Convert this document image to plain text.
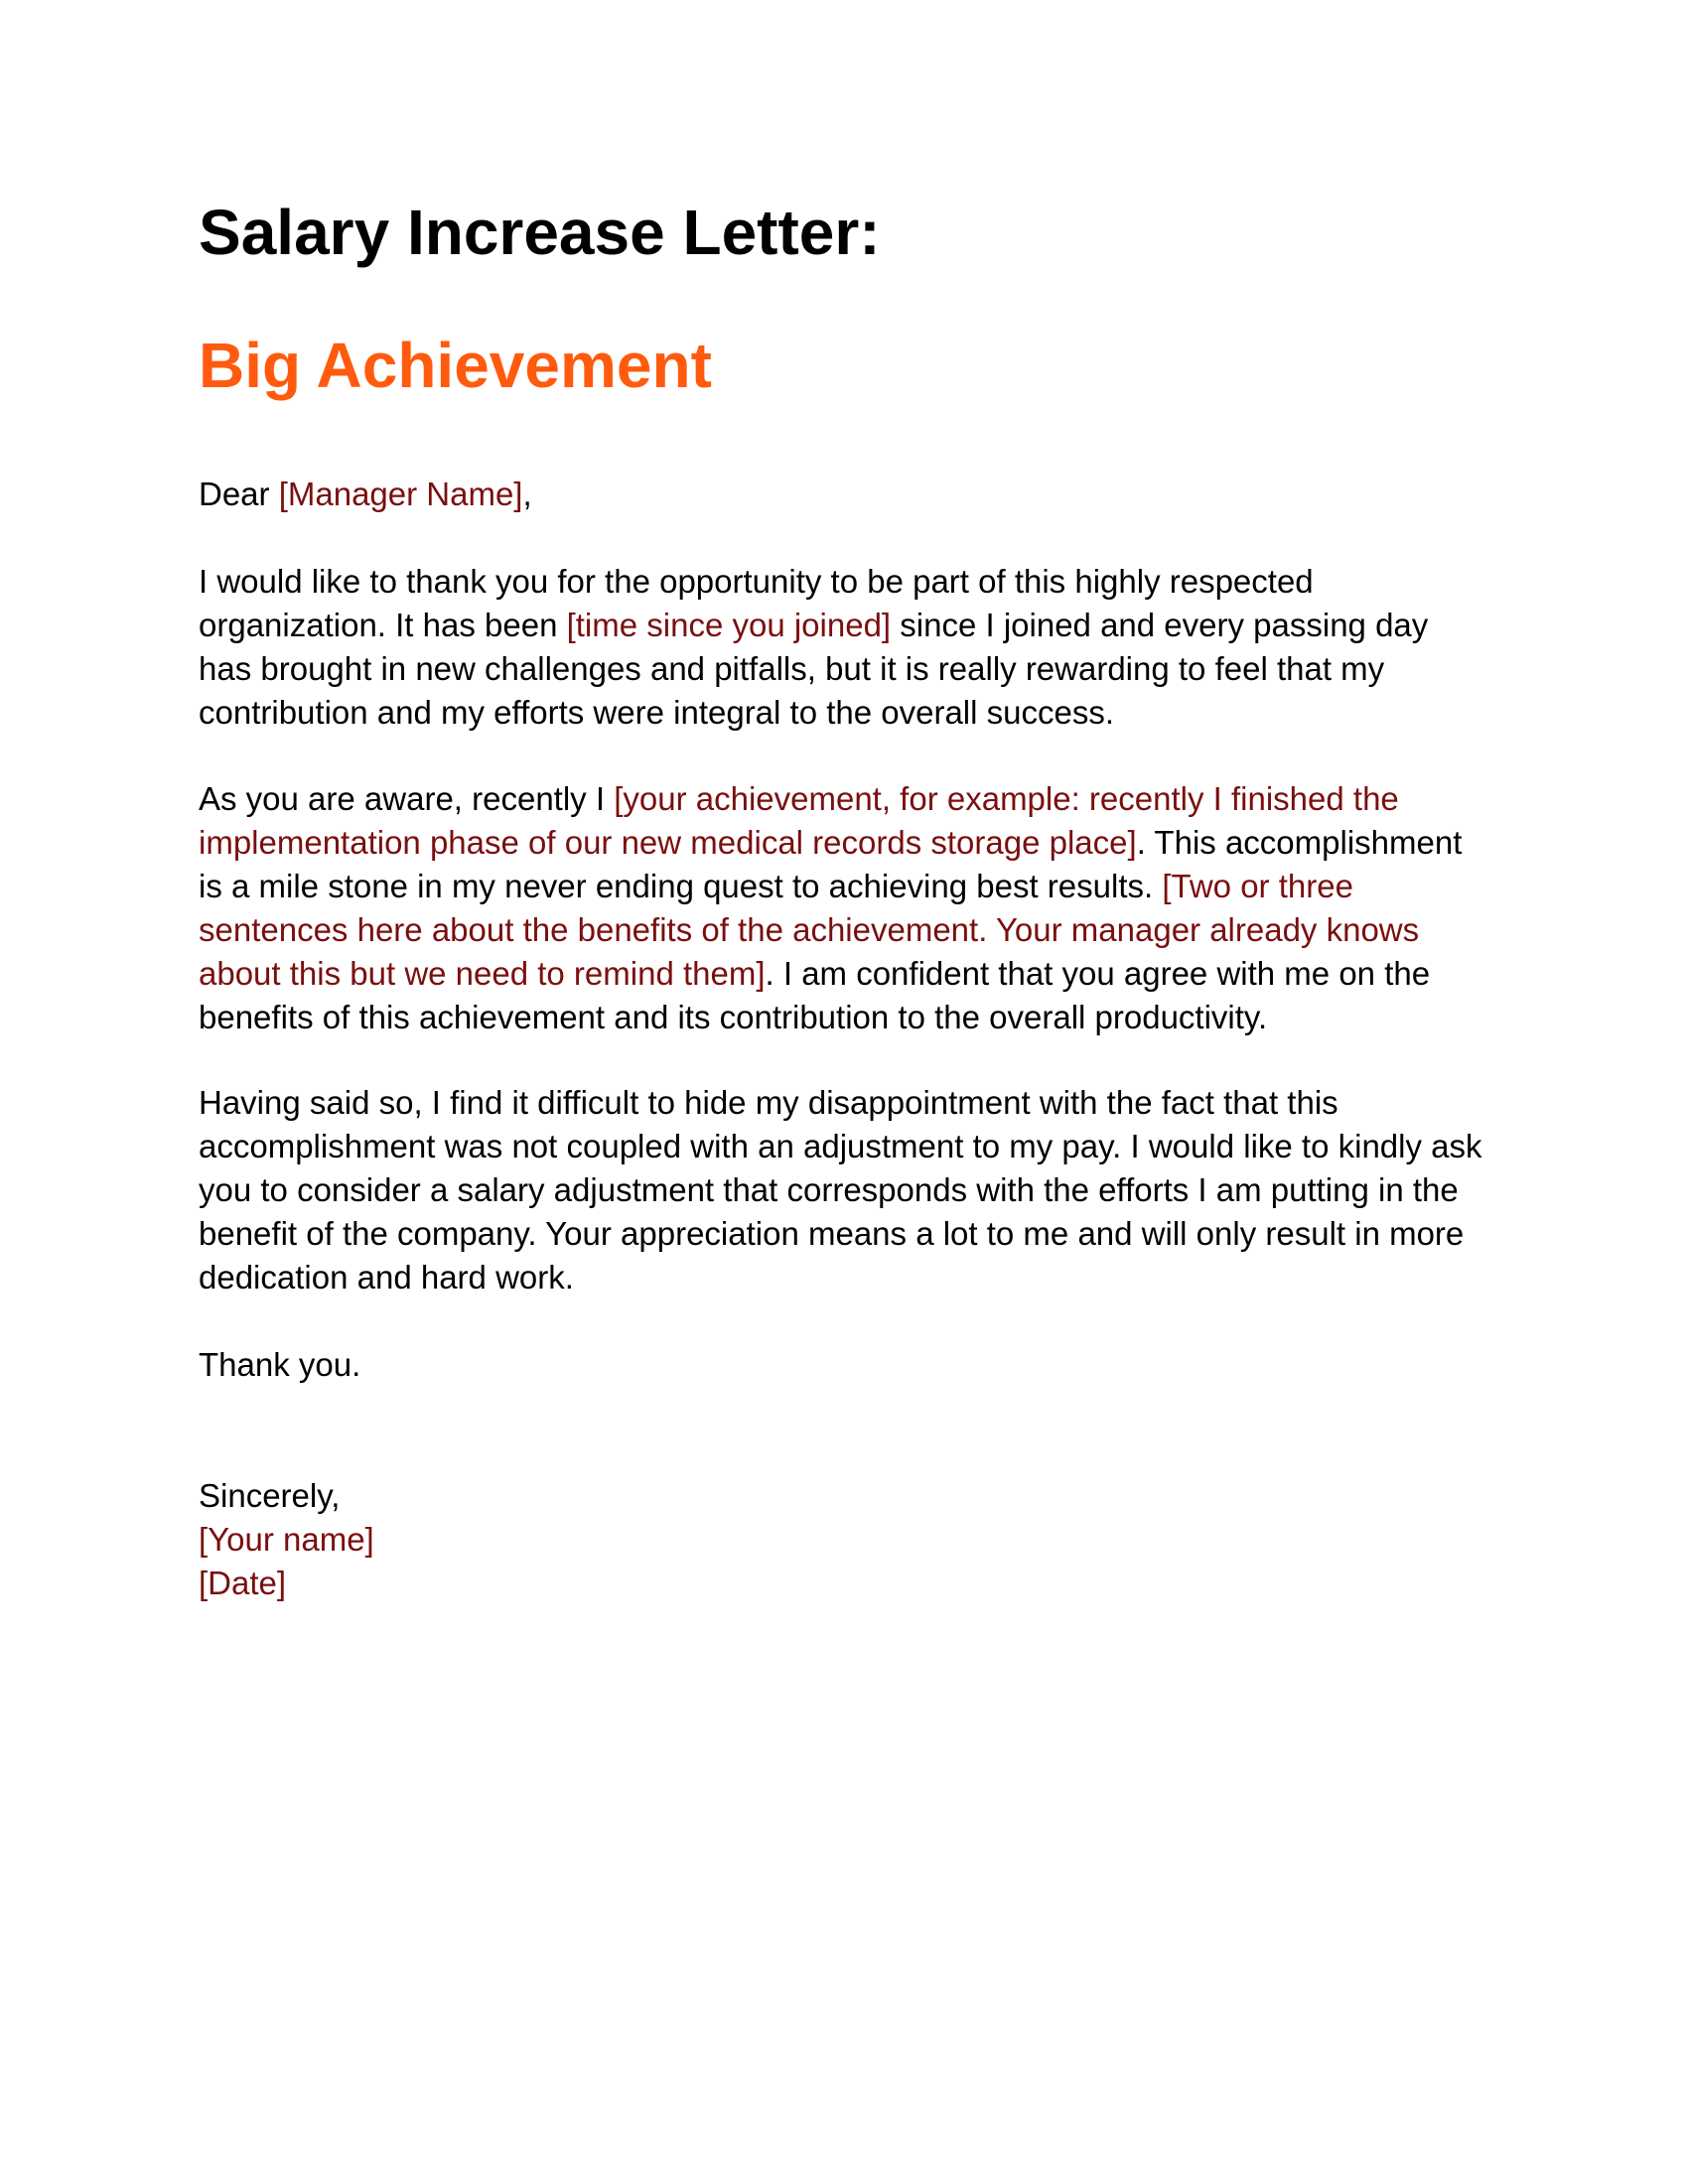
Salary Increase Letter:
Big Achievement

Dear [Manager Name],

I would like to thank you for the opportunity to be part of this highly respected organization. It has been [time since you joined] since I joined and every passing day has brought in new challenges and pitfalls, but it is really rewarding to feel that my contribution and my efforts were integral to the overall success.

As you are aware, recently I [your achievement, for example: recently I finished the implementation phase of our new medical records storage place]. This accomplishment is a mile stone in my never ending quest to achieving best results. [Two or three sentences here about the benefits of the achievement. Your manager already knows about this but we need to remind them]. I am confident that you agree with me on the benefits of this achievement and its contribution to the overall productivity.

Having said so, I find it difficult to hide my disappointment with the fact that this accomplishment was not coupled with an adjustment to my pay. I would like to kindly ask you to consider a salary adjustment that corresponds with the efforts I am putting in the benefit of the company. Your appreciation means a lot to me and will only result in more dedication and hard work.

Thank you.

Sincerely,
[Your name]
[Date]
